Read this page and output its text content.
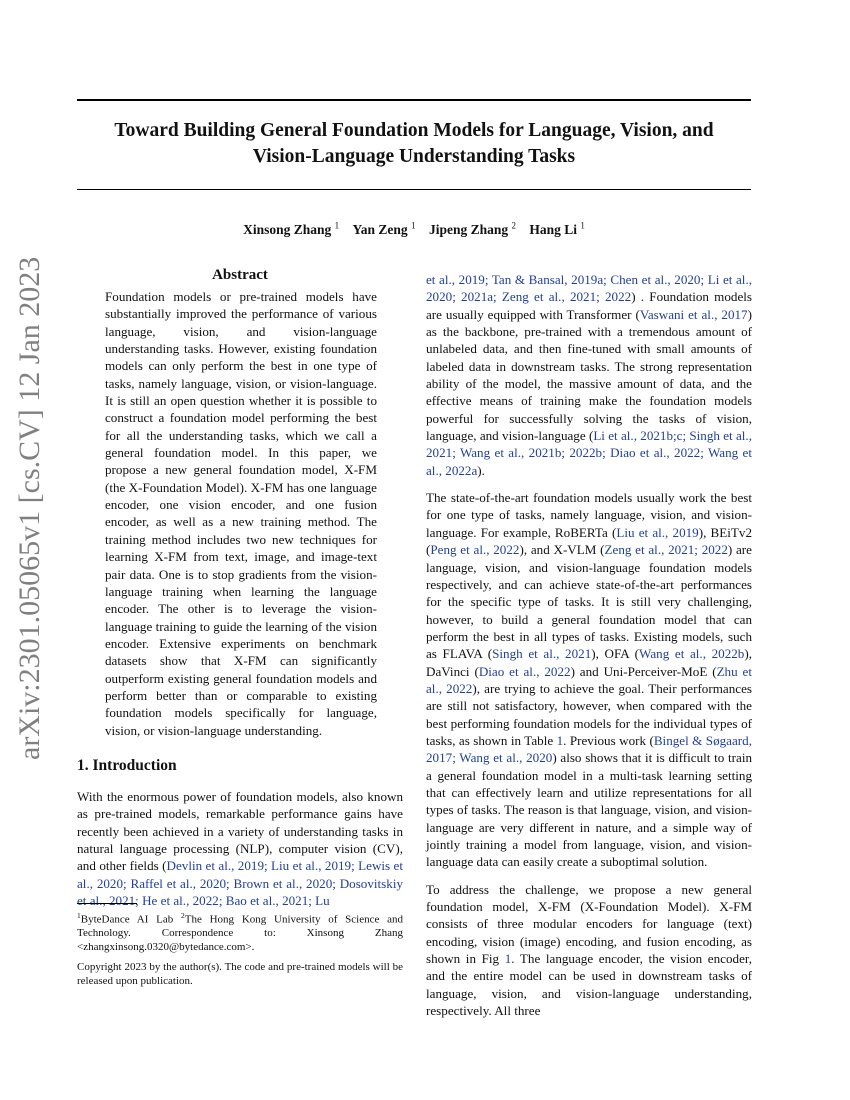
Toward Building General Foundation Models for Language, Vision, and
Vision-Language Understanding Tasks
Xinsong Zhang $^1$ Yan Zeng $^1$ Jipeng Zhang $^2$ Hang Li $^1$
arXiv:2301.05065v1 [cs.CV] 12 Jan 2023	Abstract

Foundation models or pre-trained models have substantially improved the performance of various language, vision, and vision-language understanding tasks. However, existing foundation models can only perform the best in one type of tasks, namely language, vision, or vision-language. It is still an open question whether it is possible to construct a foundation model performing the best for all the understanding tasks, which we call a general foundation model. In this paper, we propose a new general foundation model, X-FM (the X-Foundation Model). X-FM has one language encoder, one vision encoder, and one fusion encoder, as well as a new training method. The training method includes two new techniques for learning X-FM from text, image, and image-text pair data. One is to stop gradients from the vision-language training when learning the language encoder. The other is to leverage the vision-language training to guide the learning of the vision encoder. Extensive experiments on benchmark datasets show that X-FM can significantly outperform existing general foundation models and perform better than or comparable to existing foundation models specifically for language, vision, or vision-language understanding.

1. Introduction

With the enormous power of foundation models, also known as pre-trained models, remarkable performance gains have recently been achieved in a variety of understanding tasks in natural language processing (NLP), computer vision (CV), and other fields (Devlin et al., 2019; Liu et al., 2019; Lewis et al., 2020; Raffel et al., 2020; Brown et al., 2020; Dosovitskiy et al., 2021; He et al., 2022; Bao et al., 2021; Lu

$^1$ByteDance AI Lab $^2$The Hong Kong University of Science and Technology. Correspondence to: Xinsong Zhang <zhangxinsong.0320@bytedance.com>.

Copyright 2023 by the author(s). The code and pre-trained models will be released upon publication.

et al., 2019; Tan & Bansal, 2019a; Chen et al., 2020; Li et al., 2020; 2021a; Zeng et al., 2021; 2022) . Foundation models are usually equipped with Transformer (Vaswani et al., 2017) as the backbone, pre-trained with a tremendous amount of unlabeled data, and then fine-tuned with small amounts of labeled data in downstream tasks. The strong representation ability of the model, the massive amount of data, and the effective means of training make the foundation models powerful for successfully solving the tasks of vision, language, and vision-language (Li et al., 2021b;c; Singh et al., 2021; Wang et al., 2021b; 2022b; Diao et al., 2022; Wang et al., 2022a).

The state-of-the-art foundation models usually work the best for one type of tasks, namely language, vision, and vision-language. For example, RoBERTa (Liu et al., 2019), BEiTv2 (Peng et al., 2022), and X-VLM (Zeng et al., 2021; 2022) are language, vision, and vision-language foundation models respectively, and can achieve state-of-the-art performances for the specific type of tasks. It is still very challenging, however, to build a general foundation model that can perform the best in all types of tasks. Existing models, such as FLAVA (Singh et al., 2021), OFA (Wang et al., 2022b), DaVinci (Diao et al., 2022) and Uni-Perceiver-MoE (Zhu et al., 2022), are trying to achieve the goal. Their performances are still not satisfactory, however, when compared with the best performing foundation models for the individual types of tasks, as shown in Table 1. Previous work (Bingel & Søgaard, 2017; Wang et al., 2020) also shows that it is difficult to train a general foundation model in a multi-task learning setting that can effectively learn and utilize representations for all types of tasks. The reason is that language, vision, and vision-language are very different in nature, and a simple way of jointly training a model from language, vision, and vision-language data can easily create a suboptimal solution.

To address the challenge, we propose a new general foundation model, X-FM (X-Foundation Model). X-FM consists of three modular encoders for language (text) encoding, vision (image) encoding, and fusion encoding, as shown in Fig 1. The language encoder, the vision encoder, and the entire model can be used in downstream tasks of language, vision, and vision-language understanding, respectively. All three
